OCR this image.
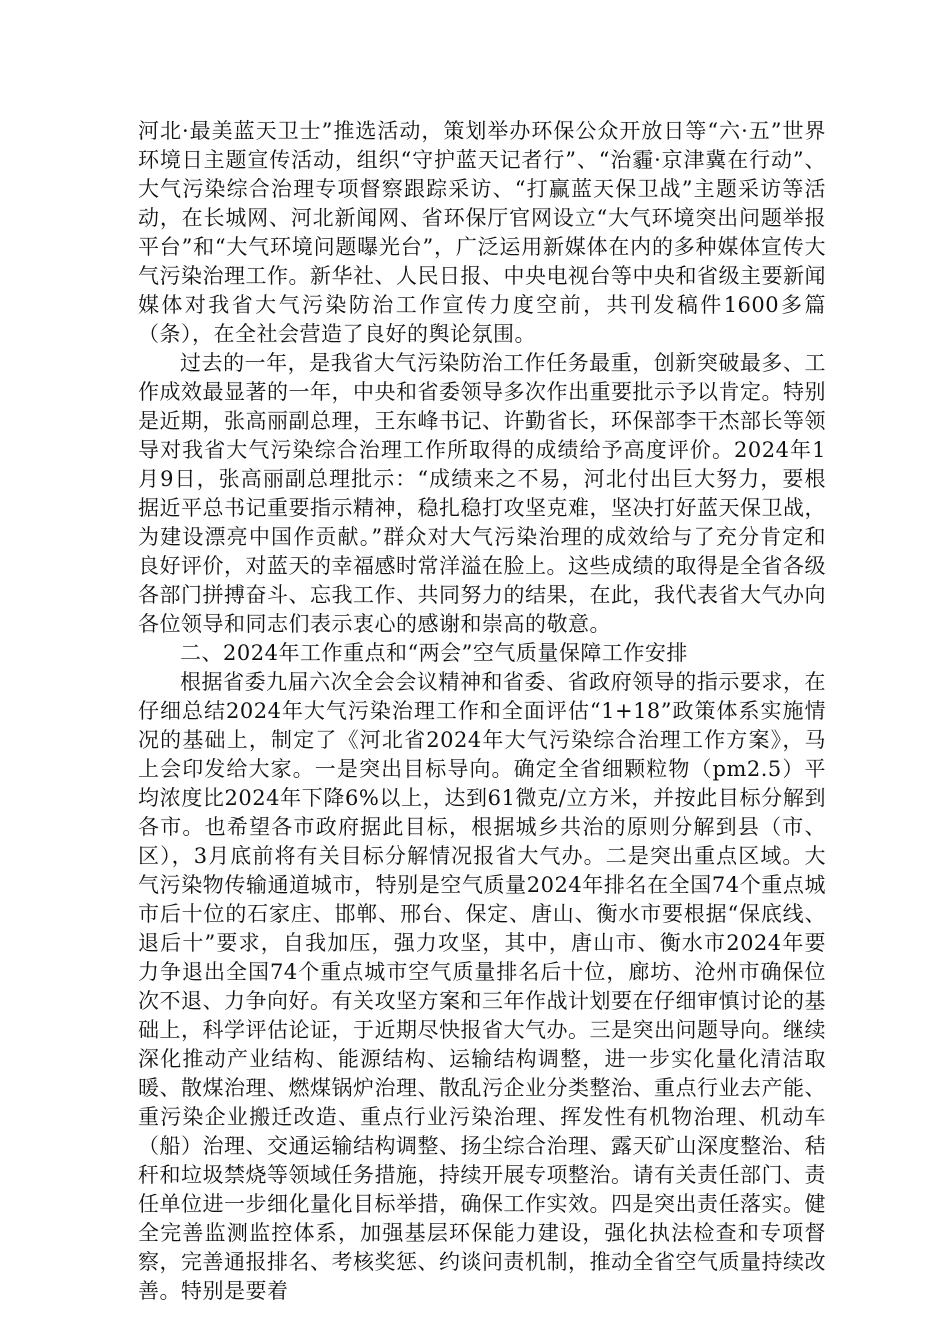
河北·最美蓝天卫士”推选活动，策划举办环保公众开放日等“六·五”世界环境日主题宣传活动，组织“守护蓝天记者行”、“治霾·京津冀在行动”、大气污染综合治理专项督察跟踪采访、“打赢蓝天保卫战”主题采访等活动，在长城网、河北新闻网、省环保厅官网设立“大气环境突出问题举报平台”和“大气环境问题曝光台”，广泛运用新媒体在内的多种媒体宣传大气污染治理工作。新华社、人民日报、中央电视台等中央和省级主要新闻媒体对我省大气污染防治工作宣传力度空前，共刊发稿件1600多篇（条），在全社会营造了良好的舆论氛围。

过去的一年，是我省大气污染防治工作任务最重，创新突破最多、工作成效最显著的一年，中央和省委领导多次作出重要批示予以肯定。特别是近期，张高丽副总理，王东峰书记、许勤省长，环保部李干杰部长等领导对我省大气污染综合治理工作所取得的成绩给予高度评价。2024年1月9日，张高丽副总理批示：“成绩来之不易，河北付出巨大努力，要根据近平总书记重要指示精神，稳扎稳打攻坚克难，坚决打好蓝天保卫战，为建设漂亮中国作贡献。”群众对大气污染治理的成效给与了充分肯定和良好评价，对蓝天的幸福感时常洋溢在脸上。这些成绩的取得是全省各级各部门拼搏奋斗、忘我工作、共同努力的结果，在此，我代表省大气办向各位领导和同志们表示衷心的感谢和崇高的敬意。

二、2024年工作重点和“两会”空气质量保障工作安排

根据省委九届六次全会会议精神和省委、省政府领导的指示要求，在仔细总结2024年大气污染治理工作和全面评估“1+18”政策体系实施情况的基础上，制定了《河北省2024年大气污染综合治理工作方案》，马上会印发给大家。一是突出目标导向。确定全省细颗粒物（pm2.5）平均浓度比2024年下降6%以上，达到61微克/立方米，并按此目标分解到各市。也希望各市政府据此目标，根据城乡共治的原则分解到县（市、区），3月底前将有关目标分解情况报省大气办。二是突出重点区域。大气污染物传输通道城市，特别是空气质量2024年排名在全国74个重点城市后十位的石家庄、邯郸、邢台、保定、唐山、衡水市要根据“保底线、退后十”要求，自我加压，强力攻坚，其中，唐山市、衡水市2024年要力争退出全国74个重点城市空气质量排名后十位，廊坊、沧州市确保位次不退、力争向好。有关攻坚方案和三年作战计划要在仔细审慎讨论的基础上，科学评估论证，于近期尽快报省大气办。三是突出问题导向。继续深化推动产业结构、能源结构、运输结构调整，进一步实化量化清洁取暖、散煤治理、燃煤锅炉治理、散乱污企业分类整治、重点行业去产能、重污染企业搬迁改造、重点行业污染治理、挥发性有机物治理、机动车（船）治理、交通运输结构调整、扬尘综合治理、露天矿山深度整治、秸秆和垃圾禁烧等领域任务措施，持续开展专项整治。请有关责任部门、责任单位进一步细化量化目标举措，确保工作实效。四是突出责任落实。健全完善监测监控体系，加强基层环保能力建设，强化执法检查和专项督察，完善通报排名、考核奖惩、约谈问责机制，推动全省空气质量持续改善。特别是要着
